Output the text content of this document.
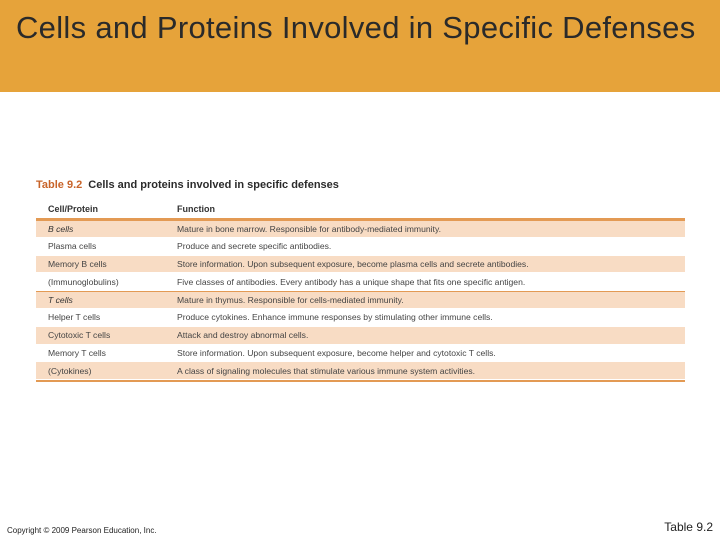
Cells and Proteins Involved in Specific Defenses
Table 9.2 Cells and proteins involved in specific defenses
Cell/Protein	Function
B cells	Mature in bone marrow. Responsible for antibody-mediated immunity.
Plasma cells	Produce and secrete specific antibodies.
Memory B cells	Store information. Upon subsequent exposure, become plasma cells and secrete antibodies.
(Immunoglobulins)	Five classes of antibodies. Every antibody has a unique shape that fits one specific antigen.
T cells	Mature in thymus. Responsible for cells-mediated immunity.
Helper T cells	Produce cytokines. Enhance immune responses by stimulating other immune cells.
Cytotoxic T cells	Attack and destroy abnormal cells.
Memory T cells	Store information. Upon subsequent exposure, become helper and cytotoxic T cells.
(Cytokines)	A class of signaling molecules that stimulate various immune system activities.
Copyright © 2009 Pearson Education, Inc.	Table 9.2
